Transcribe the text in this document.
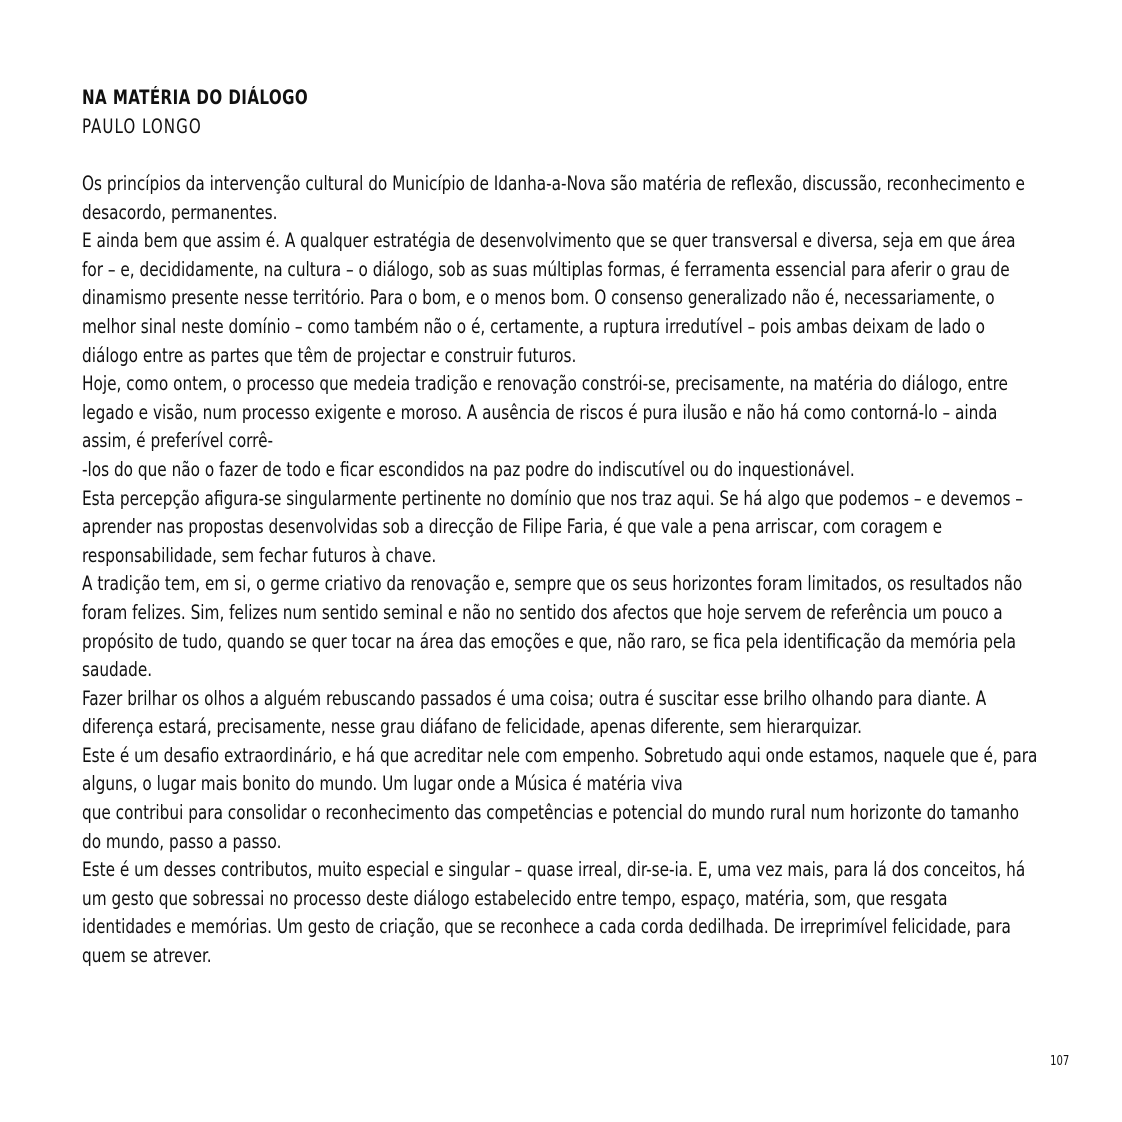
NA MATÉRIA DO DIÁLOGO
PAULO LONGO

Os princípios da intervenção cultural do Município de Idanha-a-Nova são matéria de reflexão, discussão, reconhecimento e desacordo, permanentes.

E ainda bem que assim é. A qualquer estratégia de desenvolvimento que se quer transversal e diversa, seja em que área for – e, decididamente, na cultura – o diálogo, sob as suas múltiplas formas, é ferramenta essencial para aferir o grau de dinamismo presente nesse território. Para o bom, e o menos bom. O consenso generalizado não é, necessariamente, o melhor sinal neste domínio – como também não o é, certamente, a ruptura irredutível – pois ambas deixam de lado o diálogo entre as partes que têm de projectar e construir futuros.

Hoje, como ontem, o processo que medeia tradição e renovação constrói-se, precisamente, na matéria do diálogo, entre legado e visão, num processo exigente e moroso. A ausência de riscos é pura ilusão e não há como contorná-lo – ainda assim, é preferível corrê-
-los do que não o fazer de todo e ficar escondidos na paz podre do indiscutível ou do inquestionável.

Esta percepção afigura-se singularmente pertinente no domínio que nos traz aqui. Se há algo que podemos – e devemos – aprender nas propostas desenvolvidas sob a direcção de Filipe Faria, é que vale a pena arriscar, com coragem e responsabilidade, sem fechar futuros à chave.

A tradição tem, em si, o germe criativo da renovação e, sempre que os seus horizontes foram limitados, os resultados não foram felizes. Sim, felizes num sentido seminal e não no sentido dos afectos que hoje servem de referência um pouco a propósito de tudo, quando se quer tocar na área das emoções e que, não raro, se fica pela identificação da memória pela saudade.

Fazer brilhar os olhos a alguém rebuscando passados é uma coisa; outra é suscitar esse brilho olhando para diante. A diferença estará, precisamente, nesse grau diáfano de felicidade, apenas diferente, sem hierarquizar.

Este é um desafio extraordinário, e há que acreditar nele com empenho. Sobretudo aqui onde estamos, naquele que é, para alguns, o lugar mais bonito do mundo. Um lugar onde a Música é matéria viva
que contribui para consolidar o reconhecimento das competências e potencial do mundo rural num horizonte do tamanho do mundo, passo a passo.

Este é um desses contributos, muito especial e singular – quase irreal, dir-se-ia. E, uma vez mais, para lá dos conceitos, há um gesto que sobressai no processo deste diálogo estabelecido entre tempo, espaço, matéria, som, que resgata identidades e memórias. Um gesto de criação, que se reconhece a cada corda dedilhada. De irreprimível felicidade, para quem se atrever.

107
